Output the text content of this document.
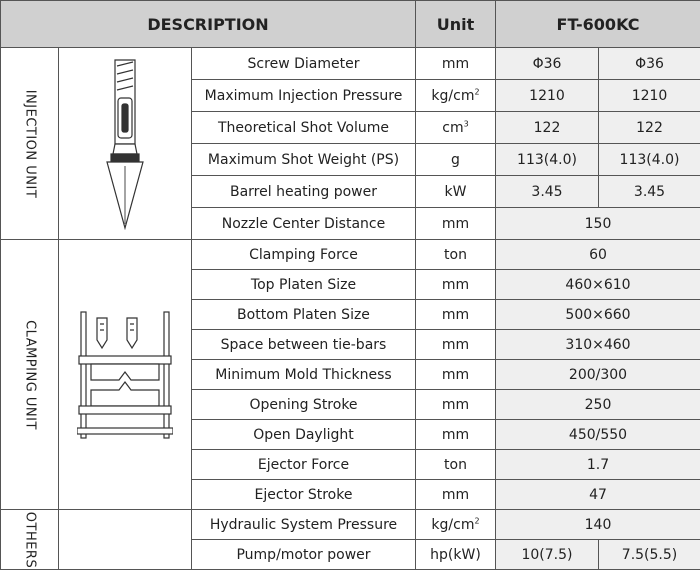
DESCRIPTION			Unit	FT-600KC	

INJECTION UNIT		Screw Diameter	mm	Φ36	Φ36
		Maximum Injection Pressure	$kg/cm^2$	1210	1210
		Theoretical Shot Volume	$cm^3$	122	122
		Maximum Shot Weight (PS)	g	113(4.0)	113(4.0)
		Barrel heating power	kW	3.45	3.45
		Nozzle Center Distance	mm	150	

CLAMPING UNIT		Clamping Force	ton	60	
		Top Platen Size	mm	460×610	
		Bottom Platen Size	mm	500×660	
		Space between tie-bars	mm	310×460	
		Minimum Mold Thickness	mm	200/300	
		Opening Stroke	mm	250	
		Open Daylight	mm	450/550	
		Ejector Force	ton	1.7	
		Ejector Stroke	mm	47	

OTHERS		Hydraulic System Pressure	$kg/cm^2$	140	
		Pump/motor power	hp(kW)	10(7.5)	7.5(5.5)
